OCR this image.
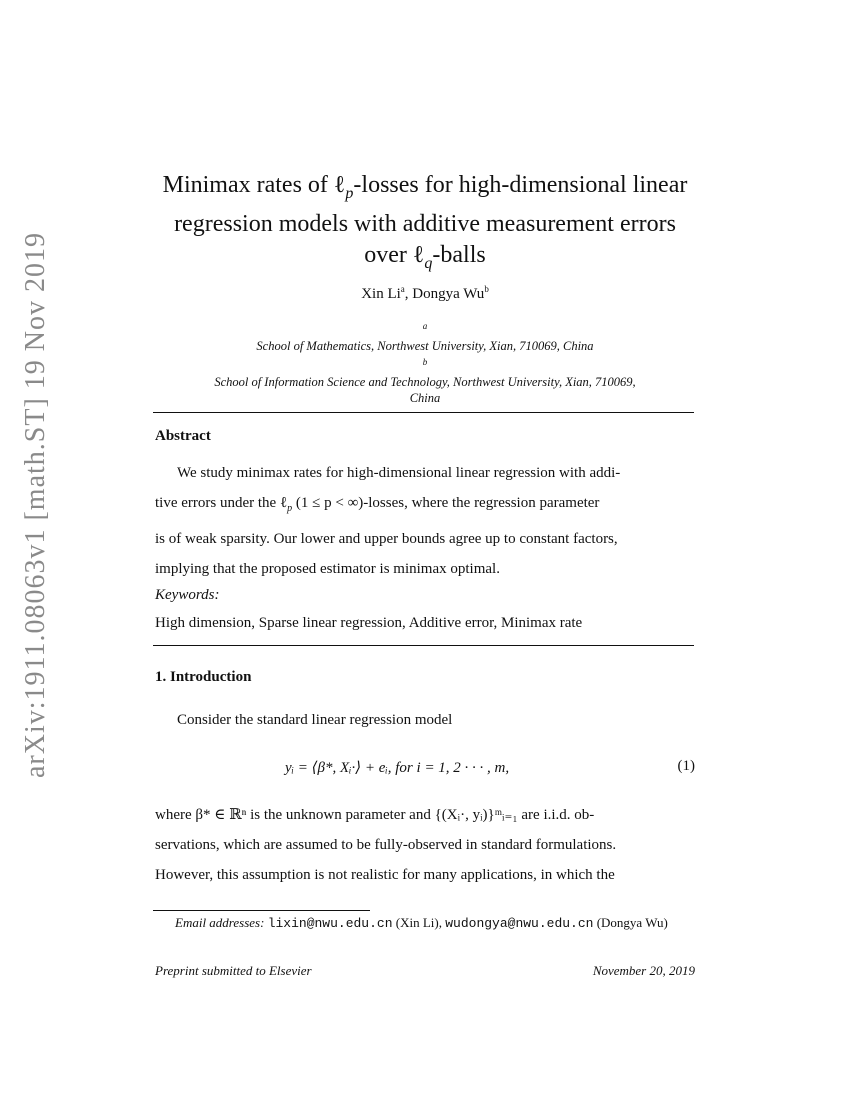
arXiv:1911.08063v1 [math.ST] 19 Nov 2019
Minimax rates of ℓ$_p$-losses for high-dimensional linear
regression models with additive measurement errors
over ℓ$_q$-balls
Xin Li$^a$, Dongya Wu$^b$
$^a$
School of Mathematics, Northwest University, Xian, 710069, China
$^b$
School of Information Science and Technology, Northwest University, Xian, 710069,
China
Abstract
We study minimax rates for high-dimensional linear regression with addi-
tive errors under the ℓ$_p$ (1 ≤ p < ∞)-losses, where the regression parameter
is of weak sparsity. Our lower and upper bounds agree up to constant factors,
implying that the proposed estimator is minimax optimal.
Keywords:
High dimension, Sparse linear regression, Additive error, Minimax rate
1. Introduction
Consider the standard linear regression model
yᵢ = ⟨β*, Xᵢ·⟩ + eᵢ, for i = 1, 2 · · · , m,	(1)
where β* ∈ ℝⁿ is the unknown parameter and {(Xᵢ·, yᵢ)}ᵐᵢ₌₁ are i.i.d. ob-
servations, which are assumed to be fully-observed in standard formulations.
However, this assumption is not realistic for many applications, in which the
Email addresses: lixin@nwu.edu.cn (Xin Li), wudongya@nwu.edu.cn (Dongya Wu)
Preprint submitted to Elsevier	November 20, 2019
